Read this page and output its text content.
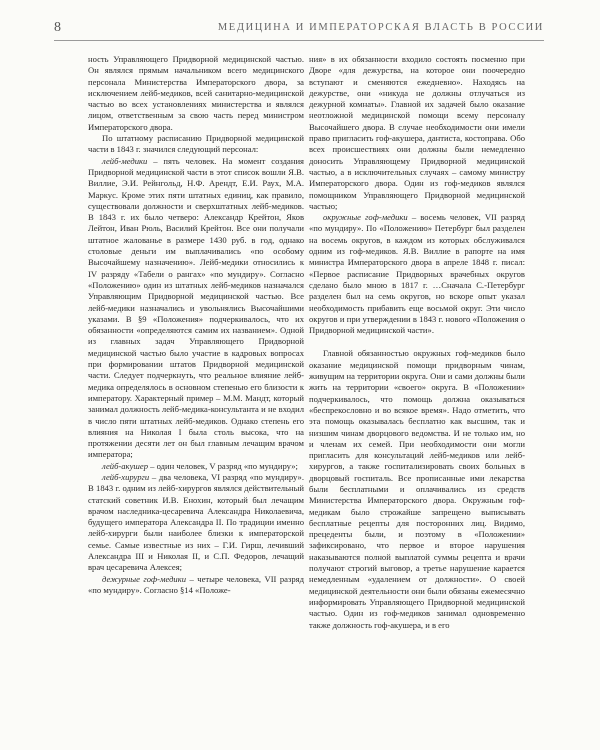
8	МЕДИЦИНА И ИМПЕРАТОРСКАЯ ВЛАСТЬ В РОССИИ

ность Управляющего Придворной медицинской частью. Он являлся прямым начальником всего медицинского персонала Министерства Императорского двора, за исключением лейб-медиков, всей санитарно-медицинской частью во всех установлениях министерства и являлся лицом, ответственным за свою часть перед министром Императорского двора.

По штатному расписанию Придворной медицинской части в 1843 г. значился следующий персонал:

лейб-медики – пять человек. На момент создания Придворной медицинской части в этот список вошли Я.В. Виллие, Э.И. Рейнгольд, Н.Ф. Арендт, Е.И. Раух, М.А. Маркус. Кроме этих пяти штатных единиц, как правило, существовали должности и сверхштатных лейб-медиков. В 1843 г. их было четверо: Александр Крейтон, Яков Лейтон, Иван Рюль, Василий Крейтон. Все они получали штатное жалованье в размере 1430 руб. в год, однако столовые деньги им выплачивались «по особому Высочайшему назначению». Лейб-медики относились к IV разряду «Табели о рангах» «по мундиру». Согласно «Положению» один из штатных лейб-медиков назначался Управляющим Придворной медицинской частью. Все лейб-медики назначались и увольнялись Высочайшими указами. В §9 «Положения» подчеркивалось, что их обязанности «определяются самим их названием». Одной из главных задач Управляющего Придворной медицинской частью было участие в кадровых вопросах при формировании штатов Придворной медицинской части. Следует подчеркнуть, что реальное влияние лейб-медика определялось в основном степенью его близости к императору. Характерный пример – М.М. Мандт, который занимал должность лейб-медика-консультанта и не входил в число пяти штатных лейб-медиков. Однако степень его влияния на Николая I была столь высока, что на протяжении десяти лет он был главным лечащим врачом императора;

лейб-акушер – один человек, V разряд «по мундиру»;

лейб-хирурги – два человека, VI разряд «по мундиру». В 1843 г. одним из лейб-хирургов являлся действительный статский советник И.В. Енохин, который был лечащим врачом наследника-цесаревича Александра Николаевича, будущего императора Александра II. По традиции именно лейб-хирурги были наиболее близки к императорской семье. Самые известные из них – Г.И. Гирш, лечивший Александра III и Николая II, и С.П. Федоров, лечащий врач цесаревича Алексея;

дежурные гоф-медики – четыре человека, VII разряд «по мундиру». Согласно §14 «Положе-

ния» в их обязанности входило состоять посменно при Дворе «для дежурства, на которое они поочередно вступают и сменяются ежедневно». Находясь на дежурстве, они «никуда не должны отлучаться из дежурной комнаты». Главной их задачей было оказание неотложной медицинской помощи всему персоналу Высочайшего двора. В случае необходимости они имели право пригласить гоф-акушера, дантиста, костоправа. Обо всех происшествиях они должны были немедленно доносить Управляющему Придворной медицинской частью, а в исключительных случаях – самому министру Императорского двора. Один из гоф-медиков являлся помощником Управляющего Придворной медицинской частью;

окружные гоф-медики – восемь человек, VII разряд «по мундиру». По «Положению» Петербург был разделен на восемь округов, в каждом из которых обслуживался одним из гоф-медиков. Я.В. Виллие в рапорте на имя министра Императорского двора в апреле 1848 г. писал: «Первое расписание Придворных врачебных округов сделано было мною в 1817 г. …Сначала С.-Петербург разделен был на семь округов, но вскоре опыт указал необходимость прибавить еще восьмой округ. Эти число округов и при утверждении в 1843 г. нового «Положения о Придворной медицинской части».

Главной обязанностью окружных гоф-медиков было оказание медицинской помощи придворным чинам, живущим на территории округа. Они и сами должны были жить на территории «своего» округа. В «Положении» подчеркивалось, что помощь должна оказываться «беспрекословно и во всякое время». Надо отметить, что эта помощь оказывалась бесплатно как высшим, так и низшим чинам дворцового ведомства. И не только им, но и членам их семей. При необходимости они могли пригласить для консультаций лейб-медиков или лейб-хирургов, а также госпитализировать своих больных в дворцовый госпиталь. Все прописанные ими лекарства были бесплатными и оплачивались из средств Министерства Императорского двора. Окружным гоф-медикам было строжайше запрещено выписывать бесплатные рецепты для посторонних лиц. Видимо, прецеденты были, и поэтому в «Положении» зафиксировано, что первое и второе нарушения наказываются полной выплатой суммы рецепта и врачи получают строгий выговор, а третье нарушение карается немедленным «удалением от должности». О своей медицинской деятельности они были обязаны ежемесячно информировать Управляющего Придворной медицинской частью. Один из гоф-медиков занимал одновременно также должность гоф-акушера, и в его
